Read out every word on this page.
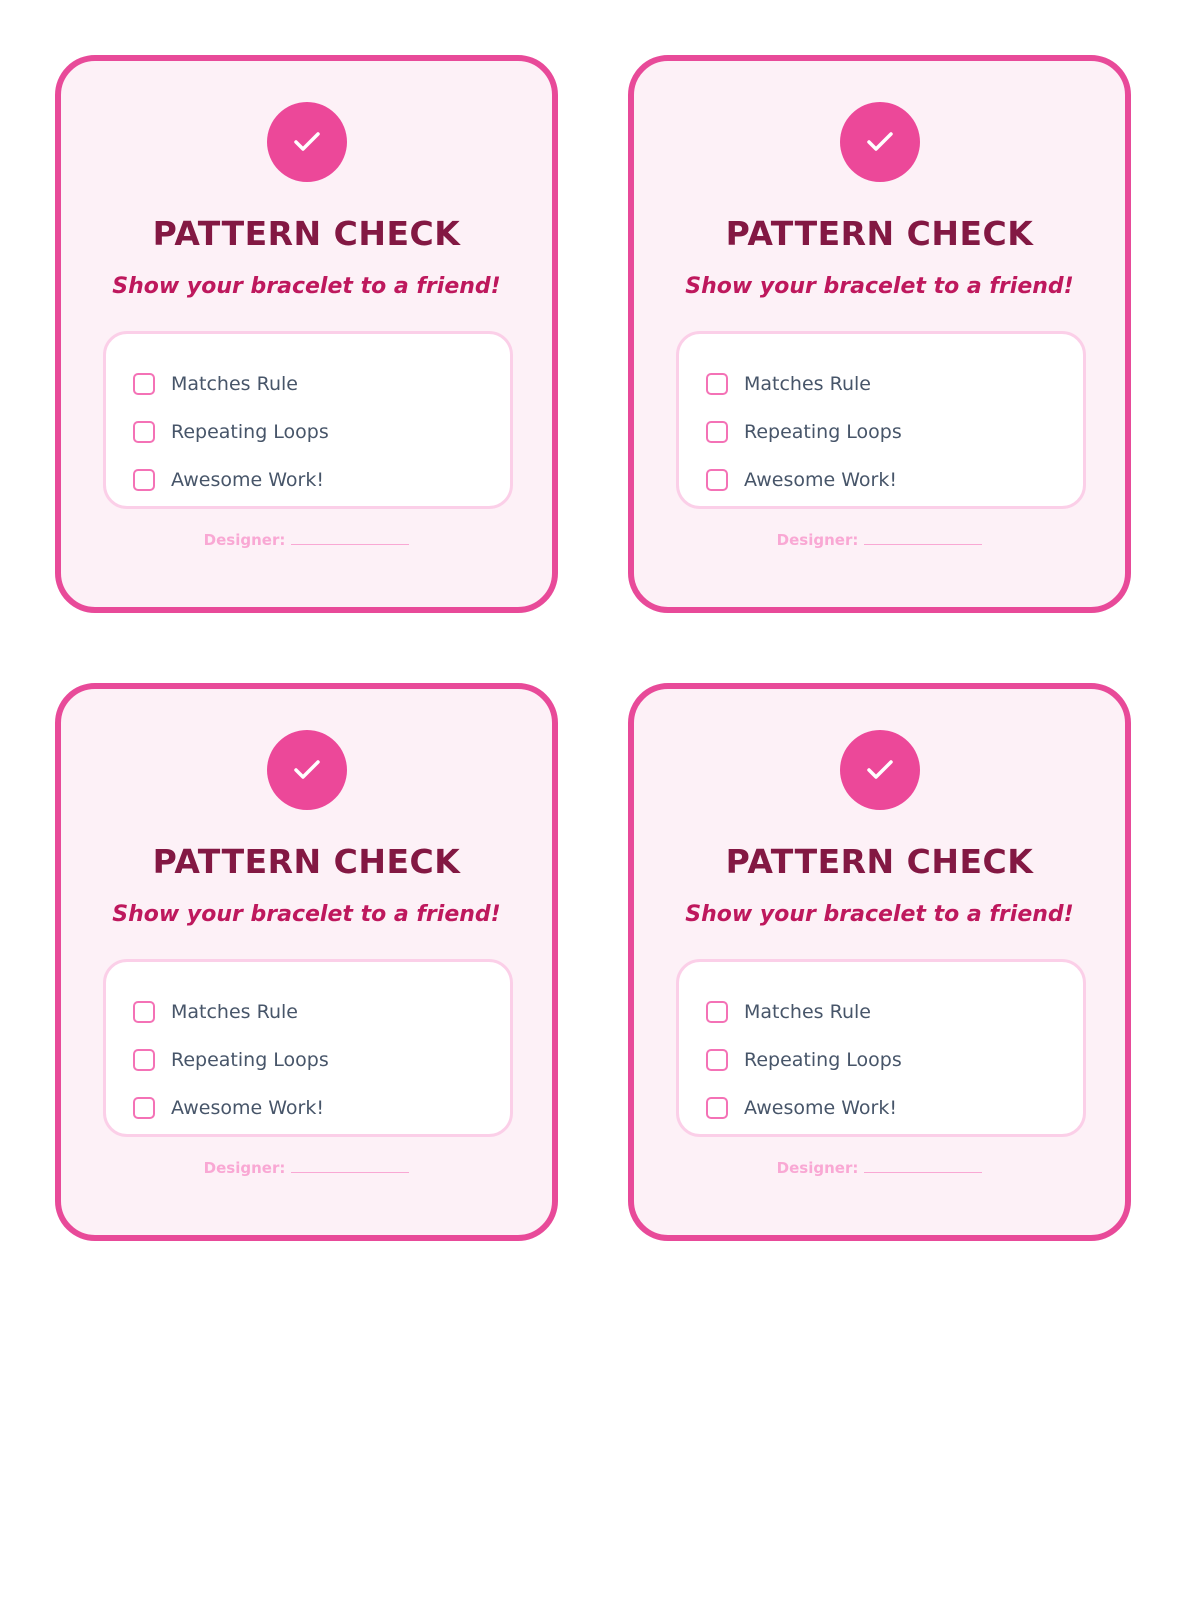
PATTERN CHECK
Show your bracelet to a friend!
Matches Rule
Repeating Loops
Awesome Work!
Designer:
PATTERN CHECK
Show your bracelet to a friend!
Matches Rule
Repeating Loops
Awesome Work!
Designer:
PATTERN CHECK
Show your bracelet to a friend!
Matches Rule
Repeating Loops
Awesome Work!
Designer:
PATTERN CHECK
Show your bracelet to a friend!
Matches Rule
Repeating Loops
Awesome Work!
Designer:
